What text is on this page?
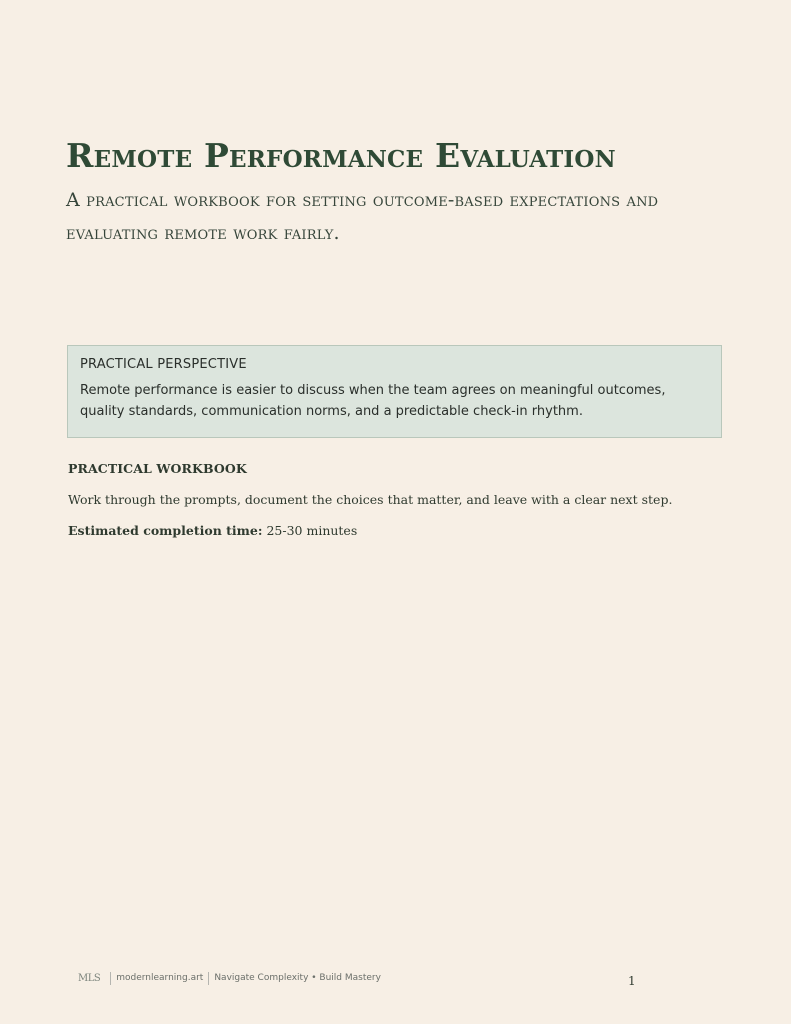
Remote Performance Evaluation

A practical workbook for setting outcome-based expectations and evaluating remote work fairly.

PRACTICAL PERSPECTIVE

Remote performance is easier to discuss when the team agrees on meaningful outcomes, quality standards, communication norms, and a predictable check-in rhythm.

PRACTICAL WORKBOOK

Work through the prompts, document the choices that matter, and leave with a clear next step.

Estimated completion time: 25-30 minutes

MLS modernlearning.art Navigate Complexity • Build Mastery	1
